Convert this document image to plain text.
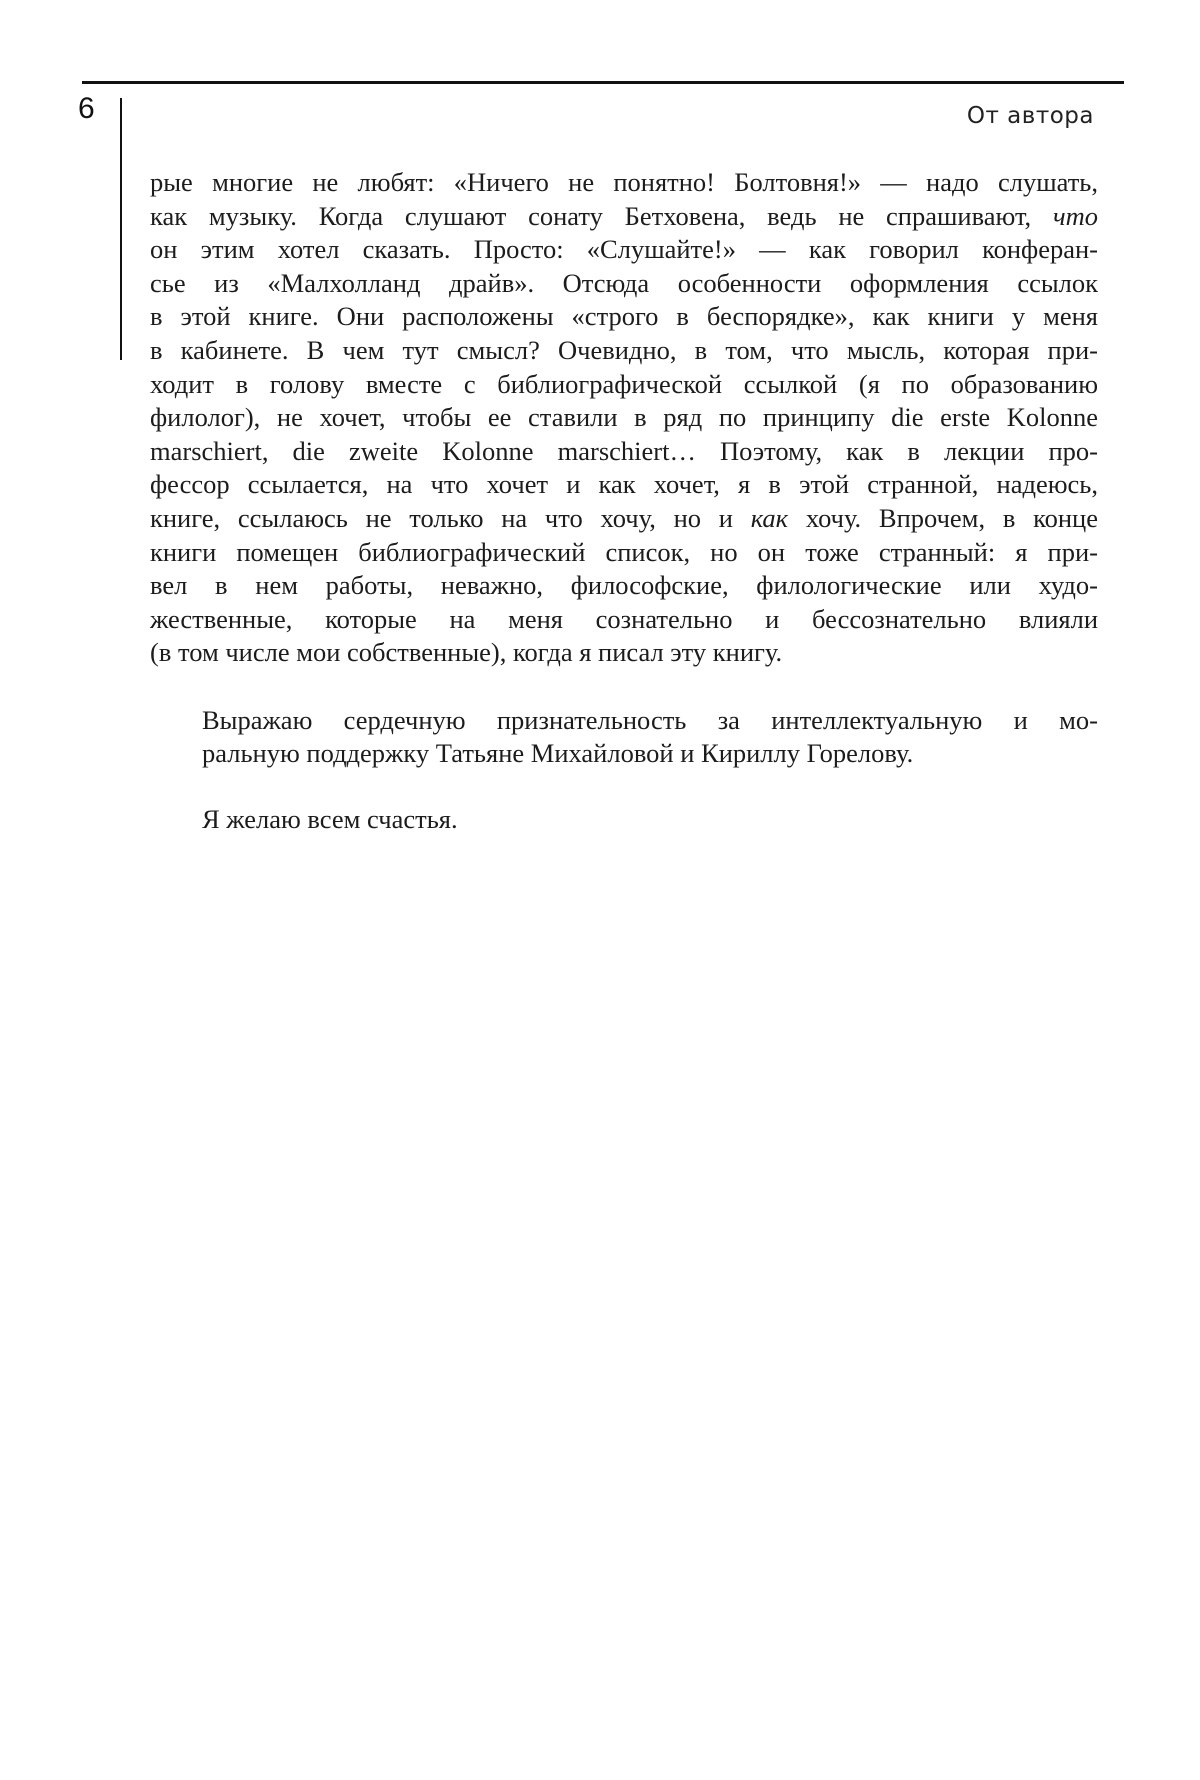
6	От автора

рые многие не любят: «Ничего не понятно! Болтовня!» — надо слушать,
как музыку. Когда слушают сонату Бетховена, ведь не спрашивают, что
он этим хотел сказать. Просто: «Слушайте!» — как говорил конферан-
сье из «Малхолланд драйв». Отсюда особенности оформления ссылок
в этой книге. Они расположены «строго в беспорядке», как книги у меня
в кабинете. В чем тут смысл? Очевидно, в том, что мысль, которая при-
ходит в голову вместе с библиографической ссылкой (я по образованию
филолог), не хочет, чтобы ее ставили в ряд по принципу die erste Kolonne
marschiert, die zweite Kolonne marschiert… Поэтому, как в лекции про-
фессор ссылается, на что хочет и как хочет, я в этой странной, надеюсь,
книге, ссылаюсь не только на что хочу, но и как хочу. Впрочем, в конце
книги помещен библиографический список, но он тоже странный: я при-
вел в нем работы, неважно, философские, филологические или худо-
жественные, которые на меня сознательно и бессознательно влияли
(в том числе мои собственные), когда я писал эту книгу.

Выражаю сердечную признательность за интеллектуальную и мо-
ральную поддержку Татьяне Михайловой и Кириллу Горелову.

Я желаю всем счастья.
